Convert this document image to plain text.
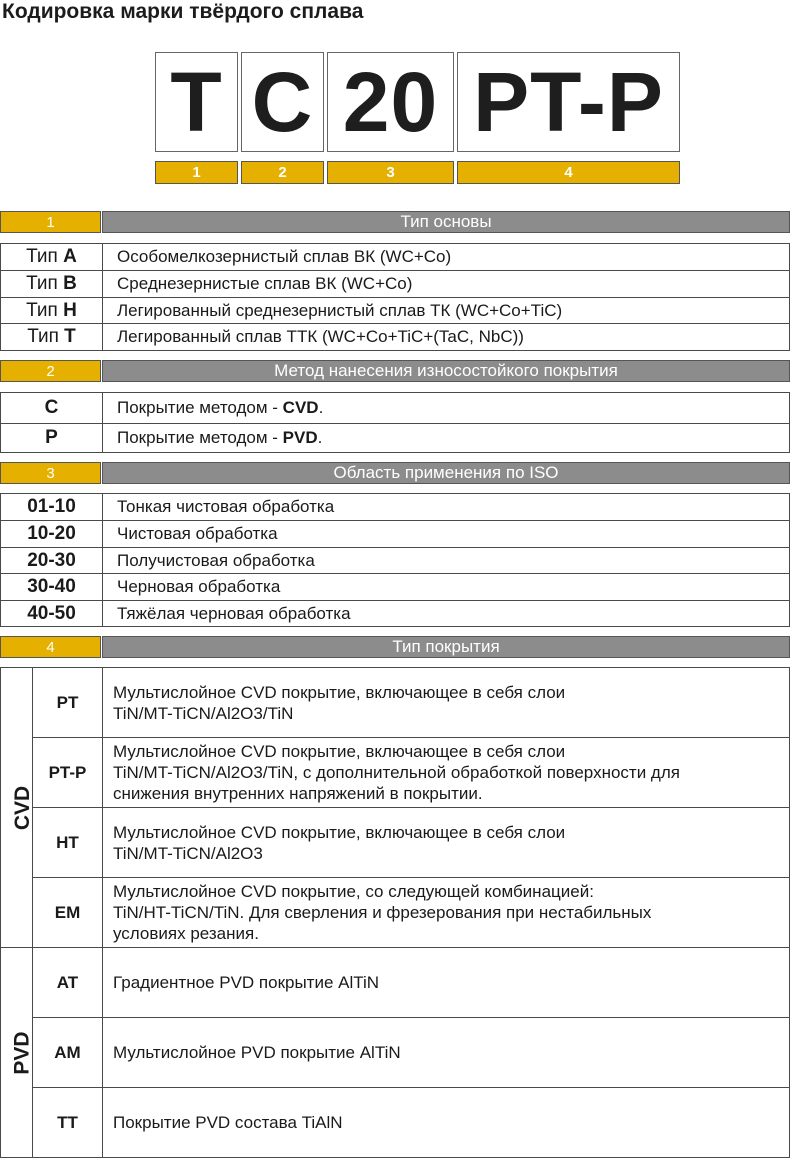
Кодировка марки твёрдого сплава
T C 20 PT-P
1	2	3	4
1	Тип основы
Тип A	Особомелкозернистый сплав ВК (WC+Co)
Тип B	Среднезернистые сплав ВК (WC+Co)
Тип H	Легированный среднезернистый сплав ТК (WC+Co+TiC)
Тип T	Легированный сплав ТТК (WC+Co+TiC+(TaC, NbC))
2	Метод нанесения износостойкого покрытия
C	Покрытие методом - CVD.
P	Покрытие методом - PVD.
3	Область применения по ISO
01-10	Тонкая чистовая обработка
10-20	Чистовая обработка
20-30	Получистовая обработка
30-40	Черновая обработка
40-50	Тяжёлая черновая обработка
4	Тип покрытия
CVD	PT	Мультислойное CVD покрытие, включающее в себя слои
TiN/MT-TiCN/Al2O3/TiN
	PT-P	Мультислойное CVD покрытие, включающее в себя слои
TiN/MT-TiCN/Al2O3/TiN, с дополнительной обработкой поверхности для
снижения внутренних напряжений в покрытии.
	HT	Мультислойное CVD покрытие, включающее в себя слои
TiN/MT-TiCN/Al2O3
	EM	Мультислойное CVD покрытие, со следующей комбинацией:
TiN/HT-TiCN/TiN. Для сверления и фрезерования при нестабильных
условиях резания.
PVD	AT	Градиентное PVD покрытие AlTiN
	AM	Мультислойное PVD покрытие AlTiN
	TT	Покрытие PVD состава TiAlN
